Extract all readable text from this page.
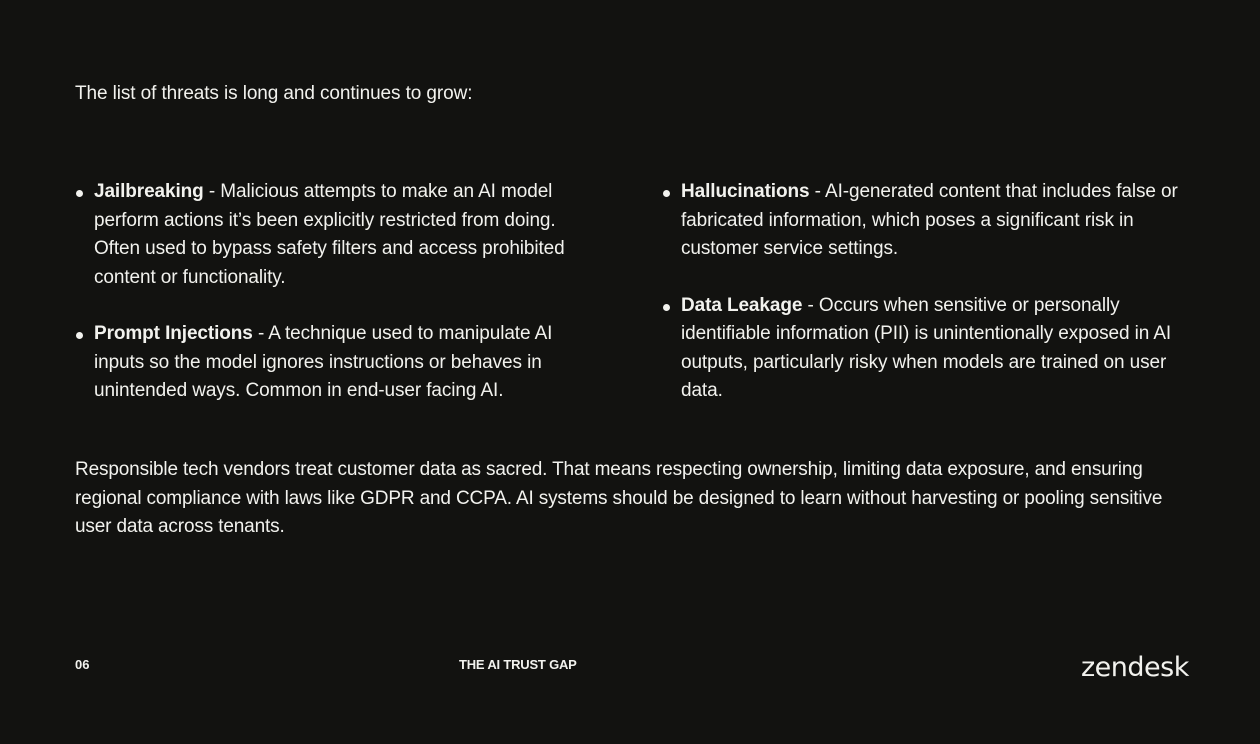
The list of threats is long and continues to grow:

Jailbreaking - Malicious attempts to make an AI model perform actions it’s been explicitly restricted from doing. Often used to bypass safety filters and access prohibited content or functionality.
Prompt Injections - A technique used to manipulate AI inputs so the model ignores instructions or behaves in unintended ways. Common in end-user facing AI.
Hallucinations - AI-generated content that includes false or fabricated information, which poses a significant risk in customer service settings.
Data Leakage - Occurs when sensitive or personally identifiable information (PII) is unintentionally exposed in AI outputs, particularly risky when models are trained on user data.

Responsible tech vendors treat customer data as sacred. That means respecting ownership, limiting data exposure, and ensuring regional compliance with laws like GDPR and CCPA. AI systems should be designed to learn without harvesting or pooling sensitive user data across tenants.

06	THE AI TRUST GAP	zendesk
